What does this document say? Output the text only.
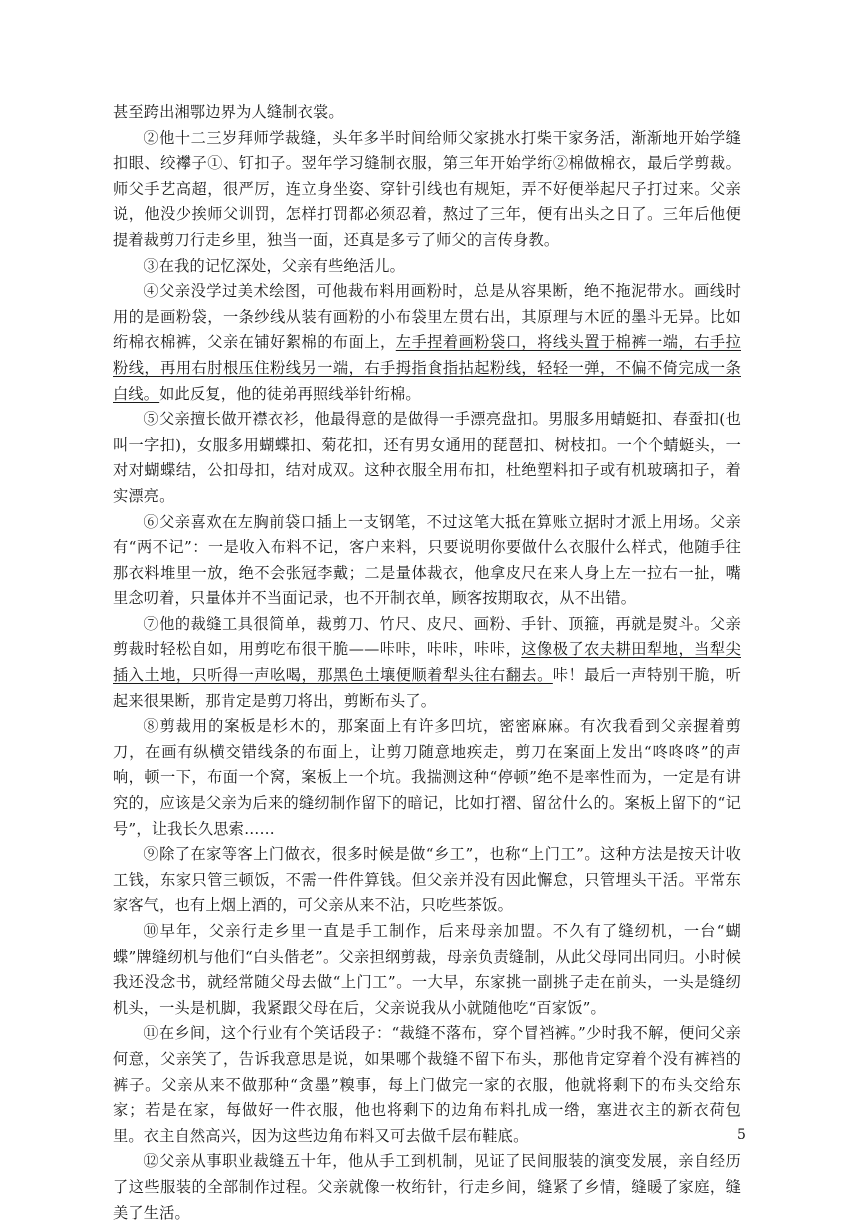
甚至跨出湘鄂边界为人缝制衣裳。

②他十二三岁拜师学裁缝，头年多半时间给师父家挑水打柴干家务活，渐渐地开始学缝扣眼、绞襻子①、钉扣子。翌年学习缝制衣服，第三年开始学绗②棉做棉衣，最后学剪裁。师父手艺高超，很严厉，连立身坐姿、穿针引线也有规矩，弄不好便举起尺子打过来。父亲说，他没少挨师父训罚，怎样打罚都必须忍着，熬过了三年，便有出头之日了。三年后他便提着裁剪刀行走乡里，独当一面，还真是多亏了师父的言传身教。

③在我的记忆深处，父亲有些绝活儿。

④父亲没学过美术绘图，可他裁布料用画粉时，总是从容果断，绝不拖泥带水。画线时用的是画粉袋，一条纱线从装有画粉的小布袋里左贯右出，其原理与木匠的墨斗无异。比如绗棉衣棉裤，父亲在铺好絮棉的布面上，左手捏着画粉袋口，将线头置于棉裤一端，右手拉粉线，再用右肘根压住粉线另一端，右手拇指食指拈起粉线，轻轻一弹，不偏不倚完成一条白线。如此反复，他的徒弟再照线举针绗棉。

⑤父亲擅长做开襟衣衫，他最得意的是做得一手漂亮盘扣。男服多用蜻蜓扣、春蚕扣(也叫一字扣)，女服多用蝴蝶扣、菊花扣，还有男女通用的琵琶扣、树枝扣。一个个蜻蜓头，一对对蝴蝶结，公扣母扣，结对成双。这种衣服全用布扣，杜绝塑料扣子或有机玻璃扣子，着实漂亮。

⑥父亲喜欢在左胸前袋口插上一支钢笔，不过这笔大抵在算账立据时才派上用场。父亲有“两不记”：一是收入布料不记，客户来料，只要说明你要做什么衣服什么样式，他随手往那衣料堆里一放，绝不会张冠李戴；二是量体裁衣，他拿皮尺在来人身上左一拉右一扯，嘴里念叨着，只量体并不当面记录，也不开制衣单，顾客按期取衣，从不出错。

⑦他的裁缝工具很简单，裁剪刀、竹尺、皮尺、画粉、手针、顶箍，再就是熨斗。父亲剪裁时轻松自如，用剪吃布很干脆——咔咔，咔咔，咔咔，这像极了农夫耕田犁地，当犁尖插入土地，只听得一声吆喝，那黑色土壤便顺着犁头往右翻去。咔！最后一声特别干脆，听起来很果断，那肯定是剪刀将出，剪断布头了。

⑧剪裁用的案板是杉木的，那案面上有许多凹坑，密密麻麻。有次我看到父亲握着剪刀，在画有纵横交错线条的布面上，让剪刀随意地疾走，剪刀在案面上发出“咚咚咚”的声响，顿一下，布面一个窝，案板上一个坑。我揣测这种“停顿”绝不是率性而为，一定是有讲究的，应该是父亲为后来的缝纫制作留下的暗记，比如打褶、留岔什么的。案板上留下的“记号”，让我长久思索……

⑨除了在家等客上门做衣，很多时候是做“乡工”，也称“上门工”。这种方法是按天计收工钱，东家只管三顿饭，不需一件件算钱。但父亲并没有因此懈怠，只管埋头干活。平常东家客气，也有上烟上酒的，可父亲从来不沾，只吃些茶饭。

⑩早年，父亲行走乡里一直是手工制作，后来母亲加盟。不久有了缝纫机，一台“蝴蝶”牌缝纫机与他们“白头偕老”。父亲担纲剪裁，母亲负责缝制，从此父母同出同归。小时候我还没念书，就经常随父母去做“上门工”。一大早，东家挑一副挑子走在前头，一头是缝纫机头，一头是机脚，我紧跟父母在后，父亲说我从小就随他吃“百家饭”。

⑪在乡间，这个行业有个笑话段子：“裁缝不落布，穿个冒裆裤。”少时我不解，便问父亲何意，父亲笑了，告诉我意思是说，如果哪个裁缝不留下布头，那他肯定穿着个没有裤裆的裤子。父亲从来不做那种“贪墨”糗事，每上门做完一家的衣服，他就将剩下的布头交给东家；若是在家，每做好一件衣服，他也将剩下的边角布料扎成一绺，塞进衣主的新衣荷包里。衣主自然高兴，因为这些边角布料又可去做千层布鞋底。

⑫父亲从事职业裁缝五十年，他从手工到机制，见证了民间服装的演变发展，亲自经历了这些服装的全部制作过程。父亲就像一枚绗针，行走乡间，缝紧了乡情，缝暖了家庭，缝美了生活。

5
